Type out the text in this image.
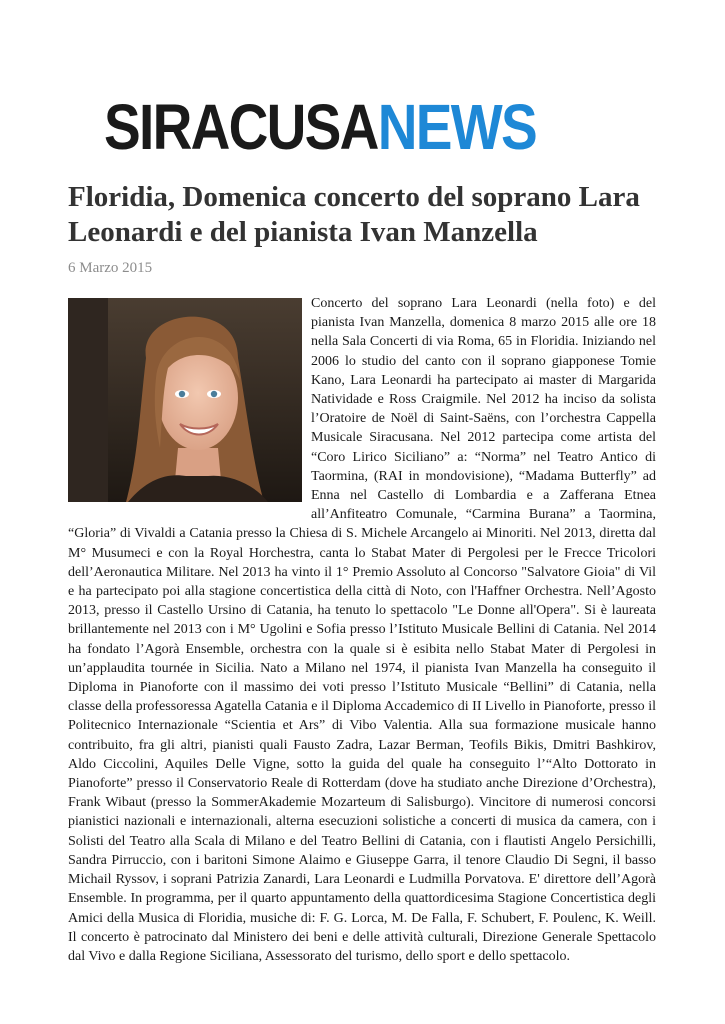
SIRACUSANEWS
Floridia, Domenica concerto del soprano Lara Leonardi e del pianista Ivan Manzella
6 Marzo 2015
Concerto del soprano Lara Leonardi (nella foto) e del pianista Ivan Manzella, domenica 8 marzo 2015 alle ore 18 nella Sala Concerti di via Roma, 65 in Floridia. Iniziando nel 2006 lo studio del canto con il soprano giapponese Tomie Kano, Lara Leonardi ha partecipato ai master di Margarida Natividade e Ross Craigmile. Nel 2012 ha inciso da solista l’Oratoire de Noël di Saint-Saëns, con l’orchestra Cappella Musicale Siracusana. Nel 2012 partecipa come artista del “Coro Lirico Siciliano” a: “Norma” nel Teatro Antico di Taormina, (RAI in mondovisione), “Madama Butterfly” ad Enna nel Castello di Lombardia e a Zafferana Etnea all’Anfiteatro Comunale, “Carmina Burana” a Taormina, “Gloria” di Vivaldi a Catania presso la Chiesa di S. Michele Arcangelo ai Minoriti. Nel 2013, diretta dal M° Musumeci e con la Royal Horchestra, canta lo Stabat Mater di Pergolesi per le Frecce Tricolori dell’Aeronautica Militare. Nel 2013 ha vinto il 1° Premio Assoluto al Concorso "Salvatore Gioia" di Vil e ha partecipato poi alla stagione concertistica della città di Noto, con l'Haffner Orchestra. Nell’Agosto 2013, presso il Castello Ursino di Catania, ha tenuto lo spettacolo "Le Donne all'Opera". Si è laureata brillantemente nel 2013 con i M° Ugolini e Sofia presso l’Istituto Musicale Bellini di Catania. Nel 2014 ha fondato l’Agorà Ensemble, orchestra con la quale si è esibita nello Stabat Mater di Pergolesi in un’applaudita tournée in Sicilia. Nato a Milano nel 1974, il pianista Ivan Manzella ha conseguito il Diploma in Pianoforte con il massimo dei voti presso l’Istituto Musicale “Bellini” di Catania, nella classe della professoressa Agatella Catania e il Diploma Accademico di II Livello in Pianoforte, presso il Politecnico Internazionale “Scientia et Ars” di Vibo Valentia. Alla sua formazione musicale hanno contribuito, fra gli altri, pianisti quali Fausto Zadra, Lazar Berman, Teofils Bikis, Dmitri Bashkirov, Aldo Ciccolini, Aquiles Delle Vigne, sotto la guida del quale ha conseguito l’“Alto Dottorato in Pianoforte” presso il Conservatorio Reale di Rotterdam (dove ha studiato anche Direzione d’Orchestra), Frank Wibaut (presso la SommerAkademie Mozarteum di Salisburgo). Vincitore di numerosi concorsi pianistici nazionali e internazionali, alterna esecuzioni solistiche a concerti di musica da camera, con i Solisti del Teatro alla Scala di Milano e del Teatro Bellini di Catania, con i flautisti Angelo Persichilli, Sandra Pirruccio, con i baritoni Simone Alaimo e Giuseppe Garra, il tenore Claudio Di Segni, il basso Michail Ryssov, i soprani Patrizia Zanardi, Lara Leonardi e Ludmilla Porvatova. E' direttore dell’Agorà Ensemble. In programma, per il quarto appuntamento della quattordicesima Stagione Concertistica degli Amici della Musica di Floridia, musiche di: F. G. Lorca, M. De Falla, F. Schubert, F. Poulenc, K. Weill. Il concerto è patrocinato dal Ministero dei beni e delle attività culturali, Direzione Generale Spettacolo dal Vivo e dalla Regione Siciliana, Assessorato del turismo, dello sport e dello spettacolo.
